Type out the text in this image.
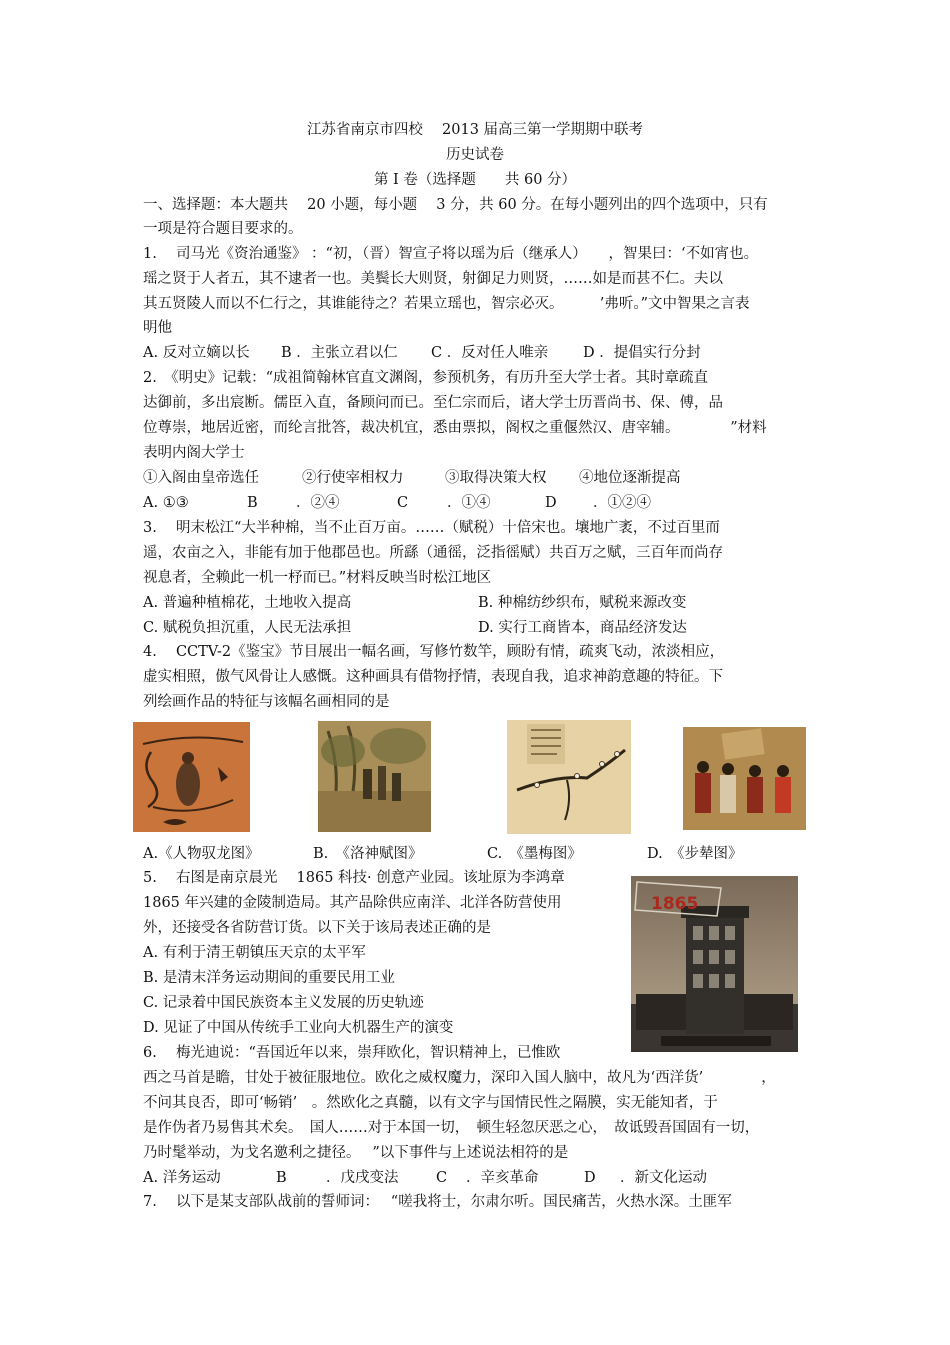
江苏省南京市四校　 2013 届高三第一学期期中联考
历史试卷
第 I 卷（选择题　　共 60 分）
一、选择题：本大题共　 20 小题，每小题　 3 分，共 60 分。在每小题列出的四个选项中，只有
一项是符合题目要求的。
1.　 司马光《资治通鉴》 ：“初，（晋）智宣子将以瑶为后（继承人）　　，智果曰：‘不如宵也。
瑶之贤于人者五，其不逮者一也。美鬓长大则贤，射御足力则贤，……如是而甚不仁。夫以
其五贤陵人而以不仁行之，其谁能待之？若果立瑶也，智宗必灭。　　　’弗听。”文中智果之言表
明他
A. 反对立嫡以长 B ．主张立君以仁 C ．反对任人唯亲 D ．提倡实行分封
2.　《明史》记载：“成祖简翰林官直文渊阁，参预机务，有历升至大学士者。其时章疏直
达御前，多出宸断。儒臣入直，备顾问而已。至仁宗而后，诸大学士历晋尚书、保、傅，品
位尊崇，地居近密，而纶言批答，裁决机宜，悉由票拟，阁权之重偃然汉、唐宰辅。　　　　”材料
表明内阁大学士
①入阁由皇帝选任	②行使宰相权力	③取得决策大权 ④地位逐渐提高
A. ①③	B	．②④	C	．①④	D	．①②④
3.　 明末松江“大半种棉，当不止百万亩。……（赋税）十倍宋也。壤地广袤，不过百里而
遥，农亩之入，非能有加于他郡邑也。所繇（通徭，泛指徭赋）共百万之赋，三百年而尚存
视息者，全赖此一机一杼而已。”材料反映当时松江地区
A. 普遍种植棉花，土地收入提高	B. 种棉纺纱织布，赋税来源改变
C. 赋税负担沉重，人民无法承担	D. 实行工商皆本，商品经济发达
4.　 CCTV-2《鉴宝》节目展出一幅名画，写修竹数竿，顾盼有情，疏爽飞动，浓淡相应，
虚实相照，傲气风骨让人感慨。这种画具有借物抒情，表现自我，追求神韵意趣的特征。下
列绘画作品的特征与该幅名画相同的是
A.《人物驭龙图》	B.　《洛神赋图》	C.　《墨梅图》	D.　《步辇图》
5.　 右图是南京晨光　 1865 科技· 创意产业园。该址原为李鸿章
1865 年兴建的金陵制造局。其产品除供应南洋、北洋各防营使用
外，还接受各省防营订货。以下关于该局表述正确的是
A. 有利于清王朝镇压天京的太平军
B. 是清末洋务运动期间的重要民用工业
C. 记录着中国民族资本主义发展的历史轨迹
D. 见证了中国从传统手工业向大机器生产的演变
1865
6.　 梅光迪说：“吾国近年以来，崇拜欧化，智识精神上，已惟欧
西之马首是瞻，甘处于被征服地位。欧化之威权魔力，深印入国人脑中，故凡为‘西洋货’　　　　，
不问其良否，即可‘畅销’　。然欧化之真髓，以有文字与国情民性之隔膜，实无能知者，于
是作伪者乃易售其术矣。　国人……对于本国一切，　顿生轻忽厌恶之心，　故诋毁吾国固有一切，
乃时髦举动，为戈名邀利之捷径。　 ”以下事件与上述说法相符的是
A. 洋务运动	B	．戊戌变法	C ．辛亥革命	D ．新文化运动
7.　 以下是某支部队战前的誓师词：　 “嗟我将士，尔肃尔听。国民痛苦，火热水深。土匪军
